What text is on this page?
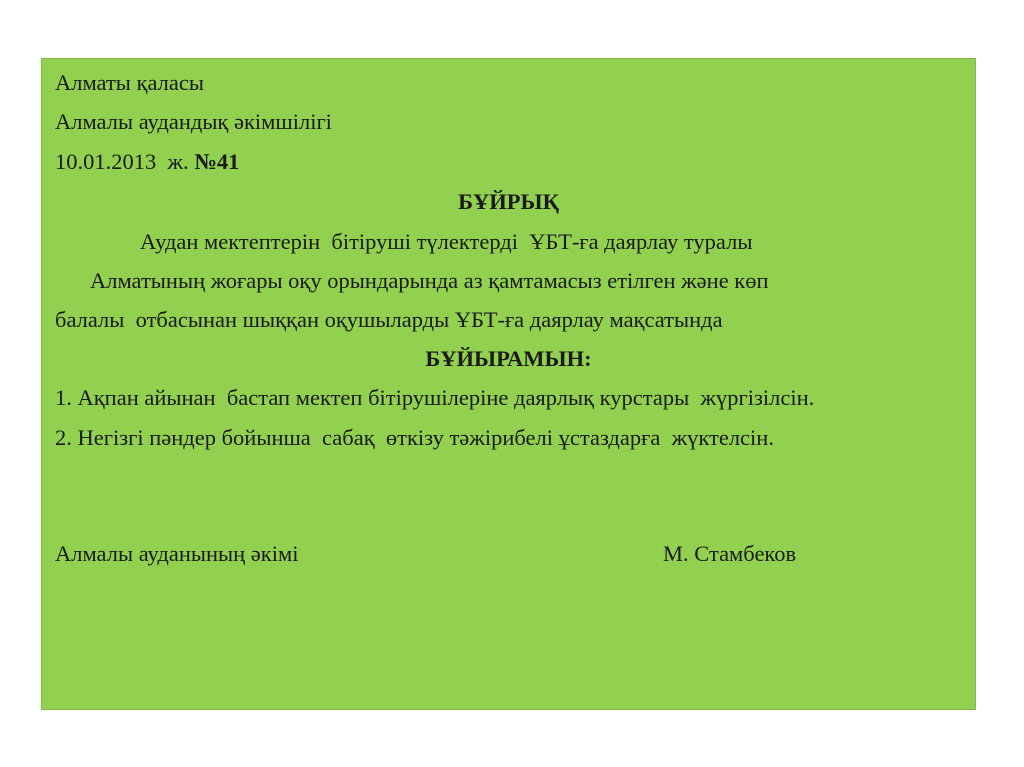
Алматы қаласы
Алмалы аудандық әкімшілігі
10.01.2013  ж. №41
БҰЙРЫҚ
Аудан мектептерін  бітіруші түлектерді  ҰБТ-ға даярлау туралы
Алматының жоғары оқу орындарында аз қамтамасыз етілген және көп
балалы  отбасынан шыққан оқушыларды ҰБТ-ға даярлау мақсатында
БҰЙЫРАМЫН:
1. Ақпан айынан  бастап мектеп бітірушілеріне даярлық курстары  жүргізілсін.
2. Негізгі пәндер бойынша  сабақ  өткізу тәжірибелі ұстаздарға  жүктелсін.
Алмалы ауданының әкімі	М. Стамбеков
